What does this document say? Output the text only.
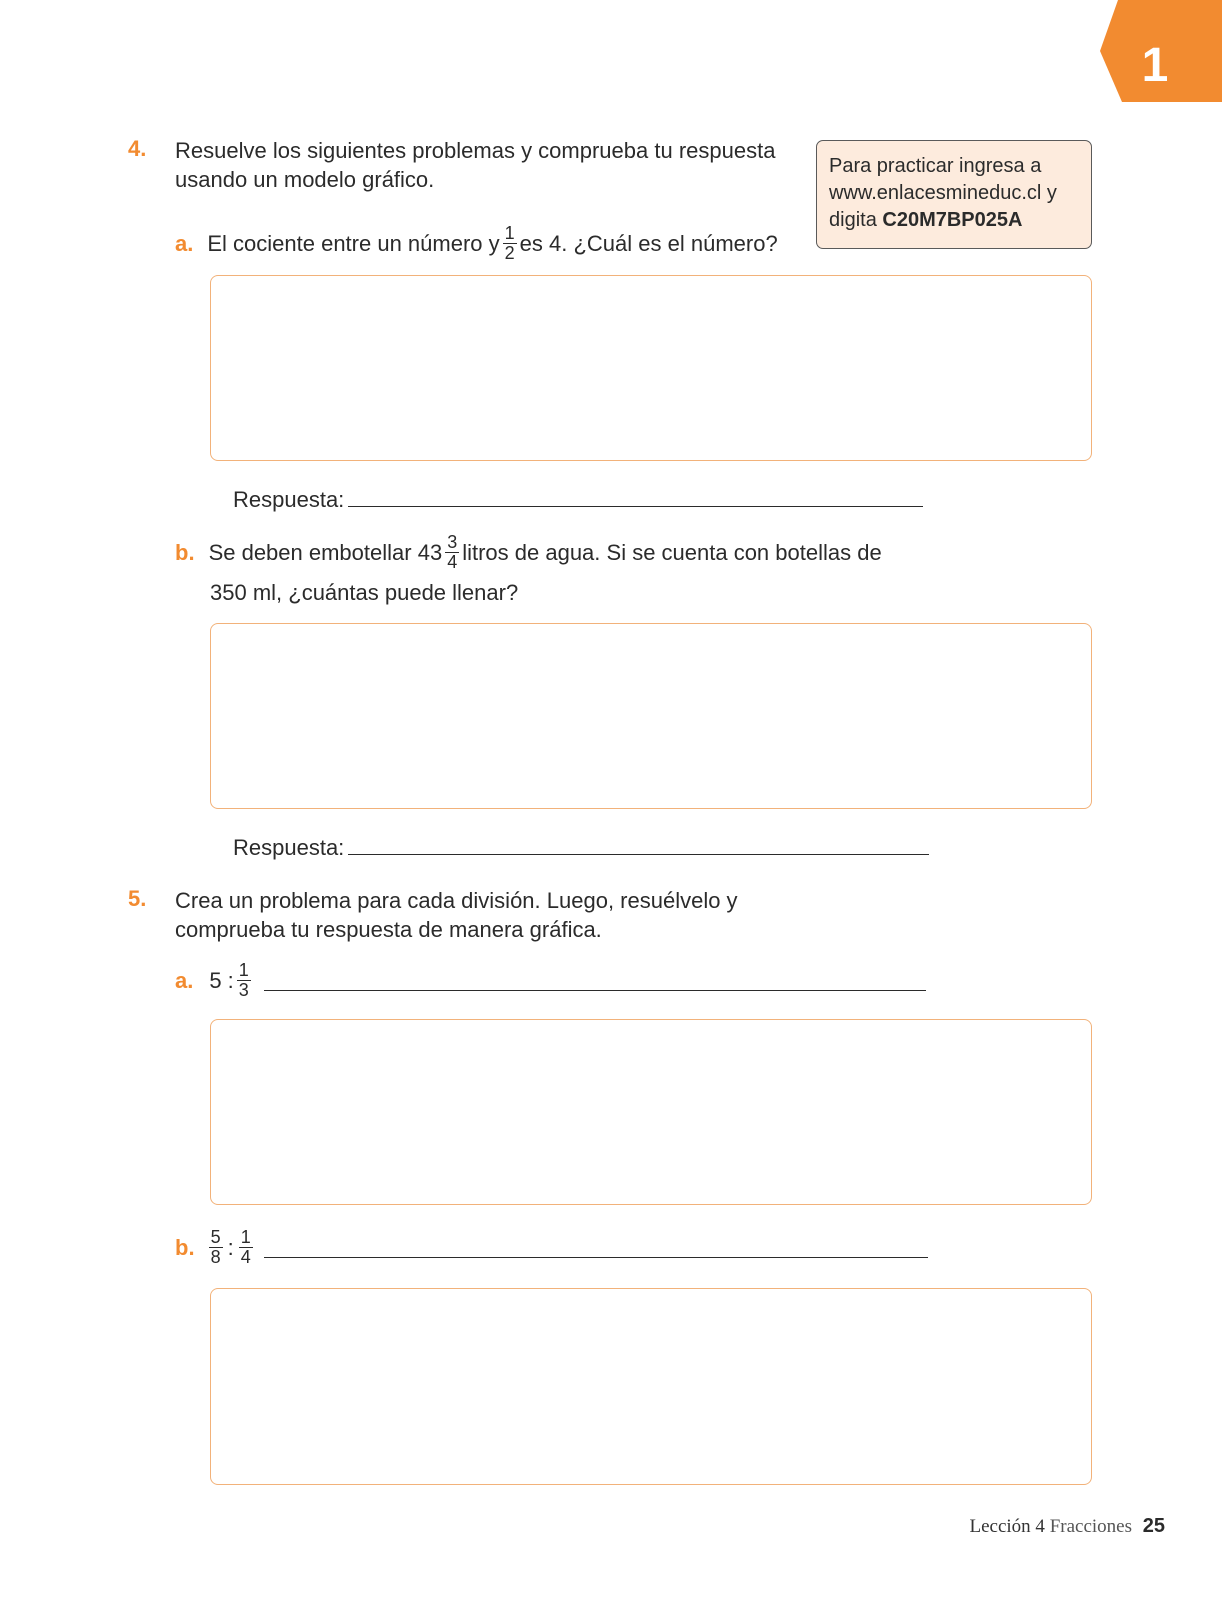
1
4. Resuelve los siguientes problemas y comprueba tu respuesta
usando un modelo gráfico.
Para practicar ingresa a
www.enlacesmineduc.cl y
digita C20M7BP025A
a. El cociente entre un número y $\frac{1}{2}$ es 4. ¿Cuál es el número?
Respuesta:
b. Se deben embotellar $43 \frac{3}{4}$ litros de agua. Si se cuenta con botellas de
350 ml, ¿cuántas puede llenar?
Respuesta:
5. Crea un problema para cada división. Luego, resuélvelo y
comprueba tu respuesta de manera gráfica.
a. 5 : $\frac{1}{3}$
b. $\frac{5}{8}$ : $\frac{1}{4}$
Lección 4 Fracciones 25
